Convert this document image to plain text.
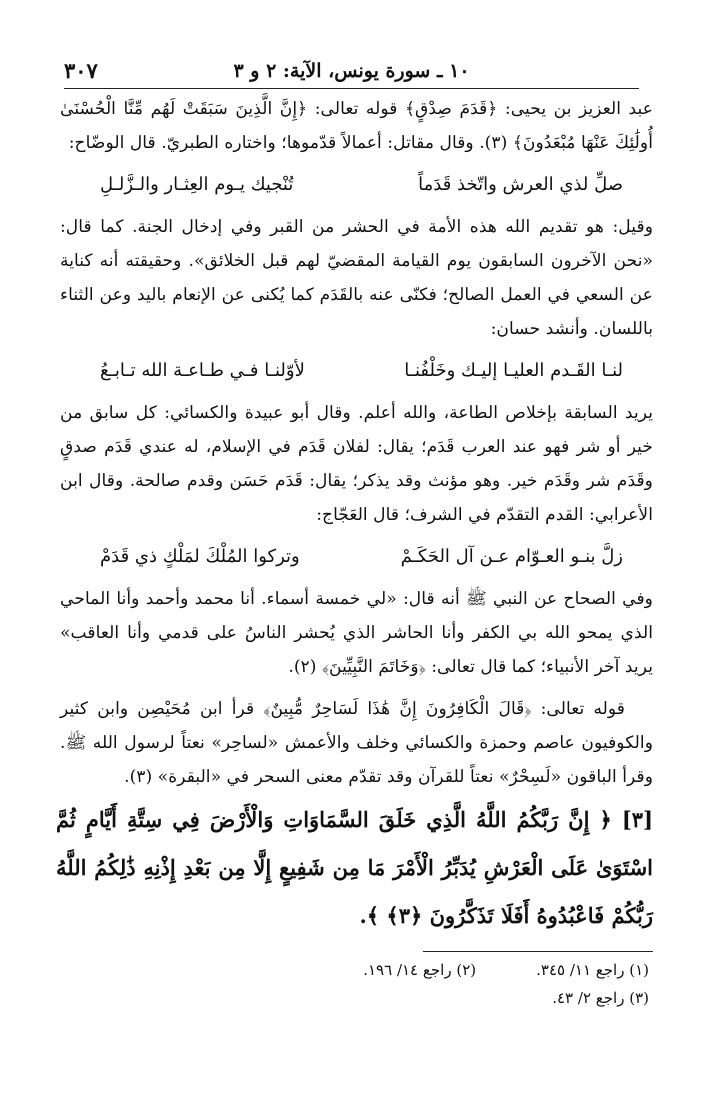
٣٠٧	١٠ ـ سورة يونس، الآية: ٢ و ٣

عبد العزيز بن يحيى: ﴿قَدَمَ صِدْقٍ﴾ قوله تعالى: ﴿إِنَّ الَّذِينَ سَبَقَتْ لَهُم مِّنَّا الْحُسْنَىٰ أُولَٰئِكَ عَنْهَا مُبْعَدُونَ﴾ (٣). وقال مقاتل: أعمالاً قدّموها؛ واختاره الطبريّ. قال الوضّاح:

صلِّ لذي العرش واتّخذ قَدَماً
تُنْجيك يـوم العِثـار والـزَّلـلِ

وقيل: هو تقديم الله هذه الأمة في الحشر من القبر وفي إدخال الجنة. كما قال: «نحن الآخرون السابقون يوم القيامة المقضيّ لهم قبل الخلائق». وحقيقته أنه كناية عن السعي في العمل الصالح؛ فكنّى عنه بالقَدَم كما يُكنى عن الإنعام باليد وعن الثناء باللسان. وأنشد حسان:

لنـا القَـدم العليـا إليـك وخَلْفُنـا
لأوّلنـا فـي طـاعـة الله تـابـعُ

يريد السابقة بإخلاص الطاعة، والله أعلم. وقال أبو عبيدة والكسائي: كل سابق من خير أو شر فهو عند العرب قَدَم؛ يقال: لفلان قَدَم في الإسلام، له عندي قَدَم صدقٍ وقَدَم شر وقَدَم خير. وهو مؤنث وقد يذكر؛ يقال: قَدَم حَسَن وقدم صالحة. وقال ابن الأعرابي: القدم التقدّم في الشرف؛ قال العَجّاج:

زلَّ بنـو العـوّام عـن آل الحَكَـمْ
وتركوا المُلْكَ لمَلْكٍ ذي قَدَمْ

وفي الصحاح عن النبي ﷺ أنه قال: «لي خمسة أسماء. أنا محمد وأحمد وأنا الماحي الذي يمحو الله بي الكفر وأنا الحاشر الذي يُحشر الناسُ على قدمي وأنا العاقب» يريد آخر الأنبياء؛ كما قال تعالى: ﴿وَخَاتَمَ النَّبِيِّينَ﴾ (٢).

قوله تعالى: ﴿قَالَ الْكَافِرُونَ إِنَّ هَٰذَا لَسَاحِرٌ مُّبِينٌ﴾ قرأ ابن مُحَيْصِن وابن كثير والكوفيون عاصم وحمزة والكسائي وخلف والأعمش «لساحِر» نعتاً لرسول الله ﷺ. وقرأ الباقون «لَسِحْرٌ» نعتاً للقرآن وقد تقدّم معنى السحر في «البقرة» (٣).

[٣] ﴿ إِنَّ رَبَّكُمُ اللَّهُ الَّذِي خَلَقَ السَّمَاوَاتِ وَالْأَرْضَ فِي سِتَّةِ أَيَّامٍ ثُمَّ اسْتَوَىٰ عَلَى الْعَرْشِ يُدَبِّرُ الْأَمْرَ مَا مِن شَفِيعٍ إِلَّا مِن بَعْدِ إِذْنِهِ ذَٰلِكُمُ اللَّهُ رَبُّكُمْ فَاعْبُدُوهُ أَفَلَا تَذَكَّرُونَ ﴿٣﴾ ﴾.
(١) راجع ١١/ ٣٤٥.
(٢) راجع ١٤/ ١٩٦.
(٣) راجع ٢/ ٤٣.
